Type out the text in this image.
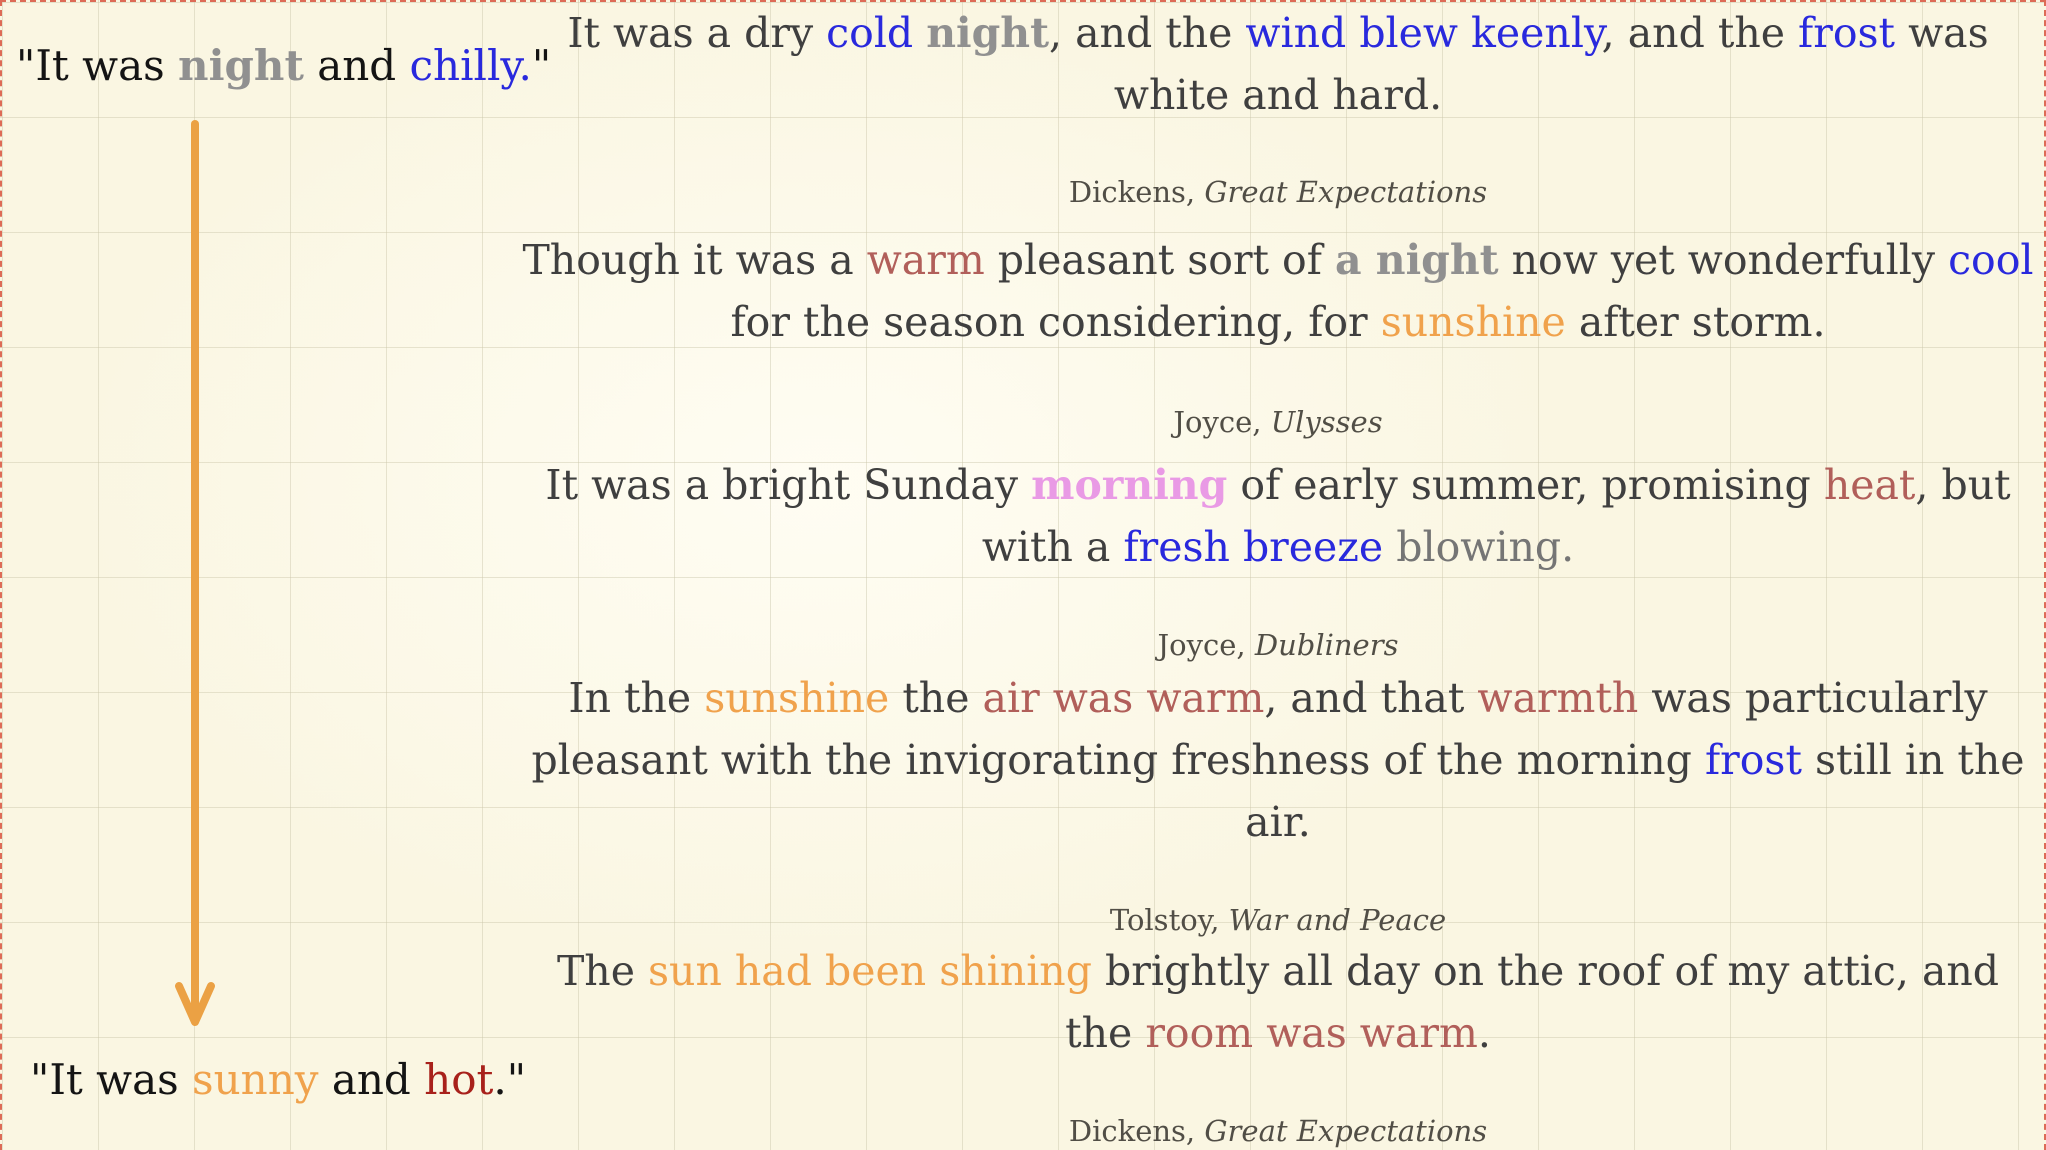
"It was night and chilly."
"It was sunny and hot."
It was a dry cold night, and the wind blew keenly, and the frost was white and hard.
Dickens, Great Expectations
Though it was a warm pleasant sort of a night now yet wonderfully cool for the season considering, for sunshine after storm.
Joyce, Ulysses
It was a bright Sunday morning of early summer, promising heat, but with a fresh breeze blowing.
Joyce, Dubliners
In the sunshine the air was warm, and that warmth was particularly pleasant with the invigorating freshness of the morning frost still in the air.
Tolstoy, War and Peace
The sun had been shining brightly all day on the roof of my attic, and the room was warm.
Dickens, Great Expectations
